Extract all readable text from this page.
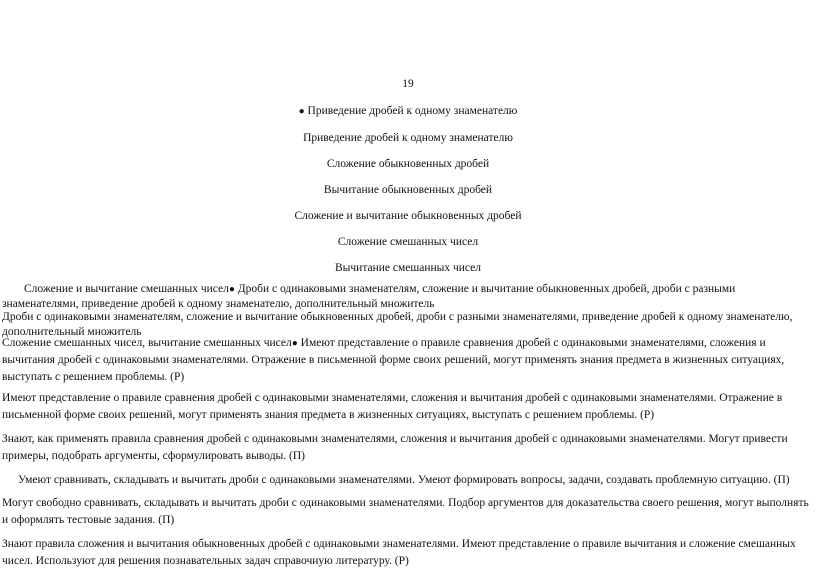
19
● Приведение дробей к одному знаменателю
Приведение дробей к одному знаменателю
Сложение обыкновенных дробей
Вычитание обыкновенных дробей
Сложение и вычитание обыкновенных дробей
Сложение смешанных чисел
Вычитание смешанных чисел
Сложение и вычитание смешанных чисел● Дроби с одинаковыми знаменателям, сложение и вычитание обыкновенных дробей, дроби с разными знаменателями, приведение дробей к одному знаменателю, дополнительный множитель
Дроби с одинаковыми знаменателям, сложение и вычитание обыкновенных дробей, дроби с разными знаменателями, приведение дробей к одному знаменателю, дополнительный множитель
Сложение смешанных чисел, вычитание смешанных чисел● Имеют представление о правиле сравнения дробей с одинаковыми знаменателями, сложения и вычитания дробей с одинаковыми знаменателями. Отражение в письменной форме своих решений, могут применять знания предмета в жизненных ситуациях, выступать с решением проблемы. (Р)
Имеют представление о правиле сравнения дробей с одинаковыми знаменателями, сложения и вычитания дробей с одинаковыми знаменателями. Отражение в письменной форме своих решений, могут применять знания предмета в жизненных ситуациях, выступать с решением проблемы. (Р)
Знают, как применять правила сравнения дробей с одинаковыми знаменателями, сложения и вычитания дробей с одинаковыми знаменателями. Могут привести примеры, подобрать аргументы, сформулировать выводы. (П)
Умеют сравнивать, складывать и вычитать дроби с одинаковыми знаменателями. Умеют формировать вопросы, задачи, создавать проблемную ситуацию. (П)
Могут свободно сравнивать, складывать и вычитать дроби с одинаковыми знаменателями. Подбор аргументов для доказательства своего решения, могут выполнять и оформлять тестовые задания. (П)
Знают правила сложения и вычитания обыкновенных дробей с одинаковыми знаменателями. Имеют представление о правиле вычитания и сложение смешанных чисел. Используют для решения познавательных задач справочную литературу. (Р)
